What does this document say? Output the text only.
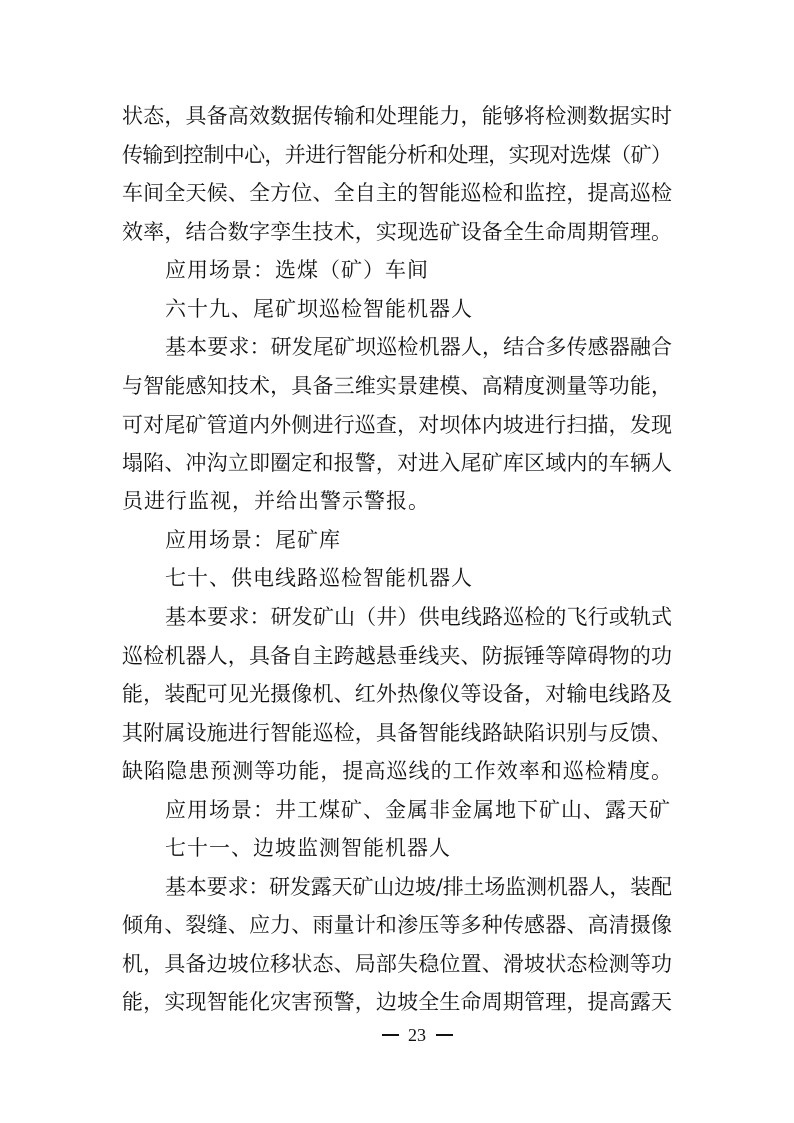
状态，具备高效数据传输和处理能力，能够将检测数据实时
传输到控制中心，并进行智能分析和处理，实现对选煤（矿）
车间全天候、全方位、全自主的智能巡检和监控，提高巡检
效率，结合数字孪生技术，实现选矿设备全生命周期管理。
应用场景：选煤（矿）车间
六十九、尾矿坝巡检智能机器人
基本要求：研发尾矿坝巡检机器人，结合多传感器融合
与智能感知技术，具备三维实景建模、高精度测量等功能，
可对尾矿管道内外侧进行巡查，对坝体内坡进行扫描，发现
塌陷、冲沟立即圈定和报警，对进入尾矿库区域内的车辆人
员进行监视，并给出警示警报。
应用场景：尾矿库
七十、供电线路巡检智能机器人
基本要求：研发矿山（井）供电线路巡检的飞行或轨式
巡检机器人，具备自主跨越悬垂线夹、防振锤等障碍物的功
能，装配可见光摄像机、红外热像仪等设备，对输电线路及
其附属设施进行智能巡检，具备智能线路缺陷识别与反馈、
缺陷隐患预测等功能，提高巡线的工作效率和巡检精度。
应用场景：井工煤矿、金属非金属地下矿山、露天矿
七十一、边坡监测智能机器人
基本要求：研发露天矿山边坡/排土场监测机器人，装配
倾角、裂缝、应力、雨量计和渗压等多种传感器、高清摄像
机，具备边坡位移状态、局部失稳位置、滑坡状态检测等功
能，实现智能化灾害预警，边坡全生命周期管理，提高露天
23
